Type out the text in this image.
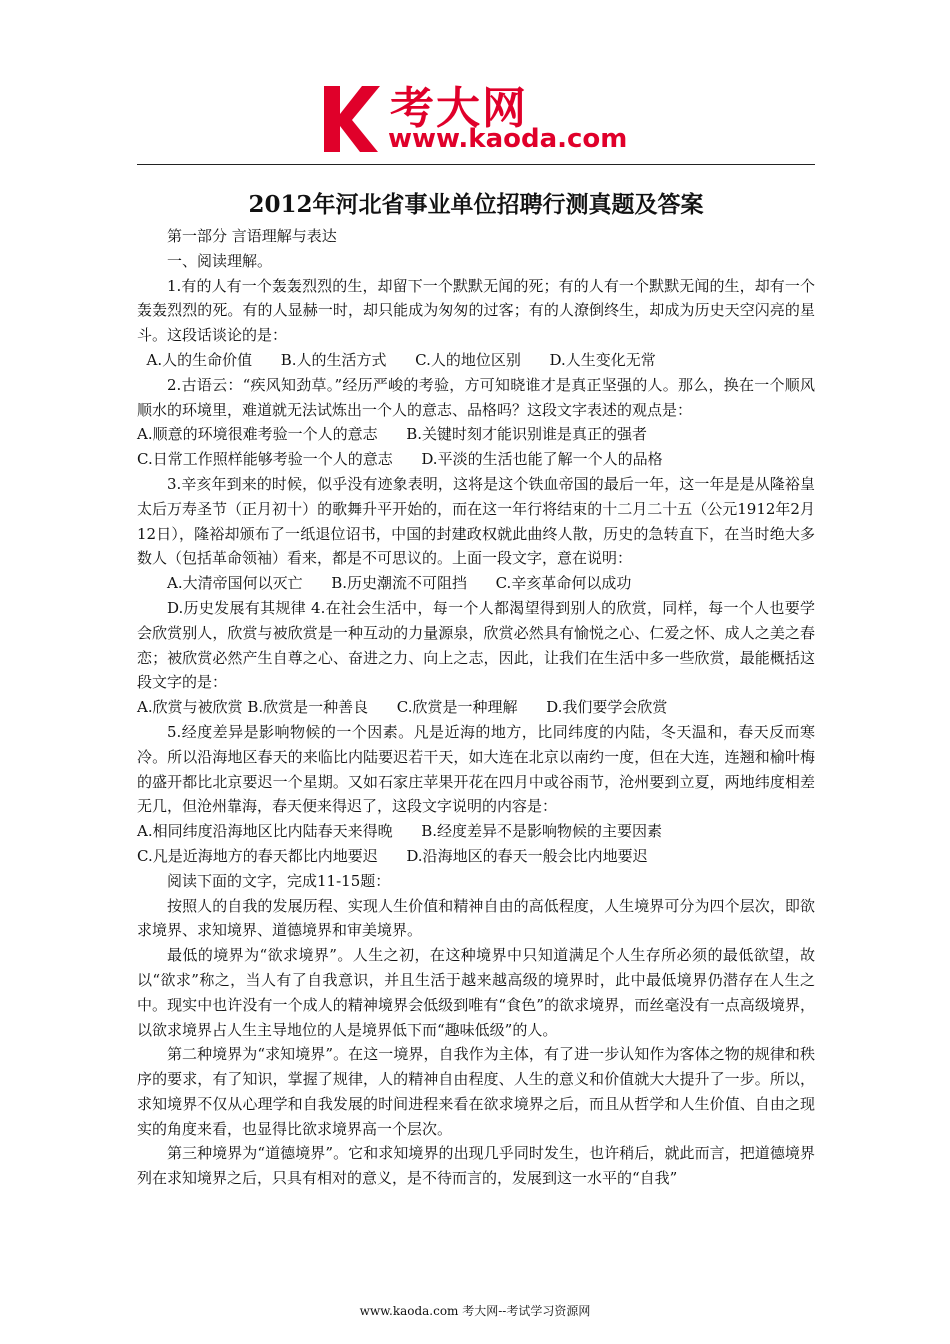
考大网
www.kaoda.com
2012年河北省事业单位招聘行测真题及答案

第一部分 言语理解与表达

一、阅读理解。

1.有的人有一个轰轰烈烈的生，却留下一个默默无闻的死；有的人有一个默默无闻的生，却有一个轰轰烈烈的死。有的人显赫一时，却只能成为匆匆的过客；有的人潦倒终生，却成为历史天空闪亮的星斗。这段话谈论的是：

A.人的生命价值      B.人的生活方式      C.人的地位区别      D.人生变化无常

2.古语云：“疾风知劲草。”经历严峻的考验，方可知晓谁才是真正坚强的人。那么，换在一个顺风顺水的环境里，难道就无法试炼出一个人的意志、品格吗？这段文字表述的观点是：

A.顺意的环境很难考验一个人的意志      B.关键时刻才能识别谁是真正的强者

C.日常工作照样能够考验一个人的意志      D.平淡的生活也能了解一个人的品格

3.辛亥年到来的时候，似乎没有迹象表明，这将是这个铁血帝国的最后一年，这一年是是从隆裕皇太后万寿圣节（正月初十）的歌舞升平开始的，而在这一年行将结束的十二月二十五（公元1912年2月12日），隆裕却颁布了一纸退位诏书，中国的封建政权就此曲终人散，历史的急转直下，在当时绝大多数人（包括革命领袖）看来，都是不可思议的。上面一段文字，意在说明：

A.大清帝国何以灭亡      B.历史潮流不可阻挡      C.辛亥革命何以成功

D.历史发展有其规律 4.在社会生活中，每一个人都渴望得到别人的欣赏，同样，每一个人也要学会欣赏别人，欣赏与被欣赏是一种互动的力量源泉，欣赏必然具有愉悦之心、仁爱之怀、成人之美之春恋；被欣赏必然产生自尊之心、奋进之力、向上之志，因此，让我们在生活中多一些欣赏，最能概括这段文字的是：

A.欣赏与被欣赏 B.欣赏是一种善良      C.欣赏是一种理解      D.我们要学会欣赏

5.经度差异是影响物候的一个因素。凡是近海的地方，比同纬度的内陆，冬天温和，春天反而寒冷。所以沿海地区春天的来临比内陆要迟若干天，如大连在北京以南约一度，但在大连，连翘和榆叶梅的盛开都比北京要迟一个星期。又如石家庄苹果开花在四月中或谷雨节，沧州要到立夏，两地纬度相差无几，但沧州靠海，春天便来得迟了，这段文字说明的内容是：

A.相同纬度沿海地区比内陆春天来得晚      B.经度差异不是影响物候的主要因素

C.凡是近海地方的春天都比内地要迟      D.沿海地区的春天一般会比内地要迟

阅读下面的文字，完成11-15题：

按照人的自我的发展历程、实现人生价值和精神自由的高低程度，人生境界可分为四个层次，即欲求境界、求知境界、道德境界和审美境界。

最低的境界为“欲求境界”。人生之初，在这种境界中只知道满足个人生存所必须的最低欲望，故以“欲求”称之，当人有了自我意识，并且生活于越来越高级的境界时，此中最低境界仍潜存在人生之中。现实中也许没有一个成人的精神境界会低级到唯有“食色”的欲求境界，而丝毫没有一点高级境界，以欲求境界占人生主导地位的人是境界低下而“趣味低级”的人。

第二种境界为“求知境界”。在这一境界，自我作为主体，有了进一步认知作为客体之物的规律和秩序的要求，有了知识，掌握了规律，人的精神自由程度、人生的意义和价值就大大提升了一步。所以，求知境界不仅从心理学和自我发展的时间进程来看在欲求境界之后，而且从哲学和人生价值、自由之现实的角度来看，也显得比欲求境界高一个层次。

第三种境界为“道德境界”。它和求知境界的出现几乎同时发生，也许稍后，就此而言，把道德境界列在求知境界之后，只具有相对的意义，是不待而言的，发展到这一水平的“自我”

www.kaoda.com 考大网--考试学习资源网
